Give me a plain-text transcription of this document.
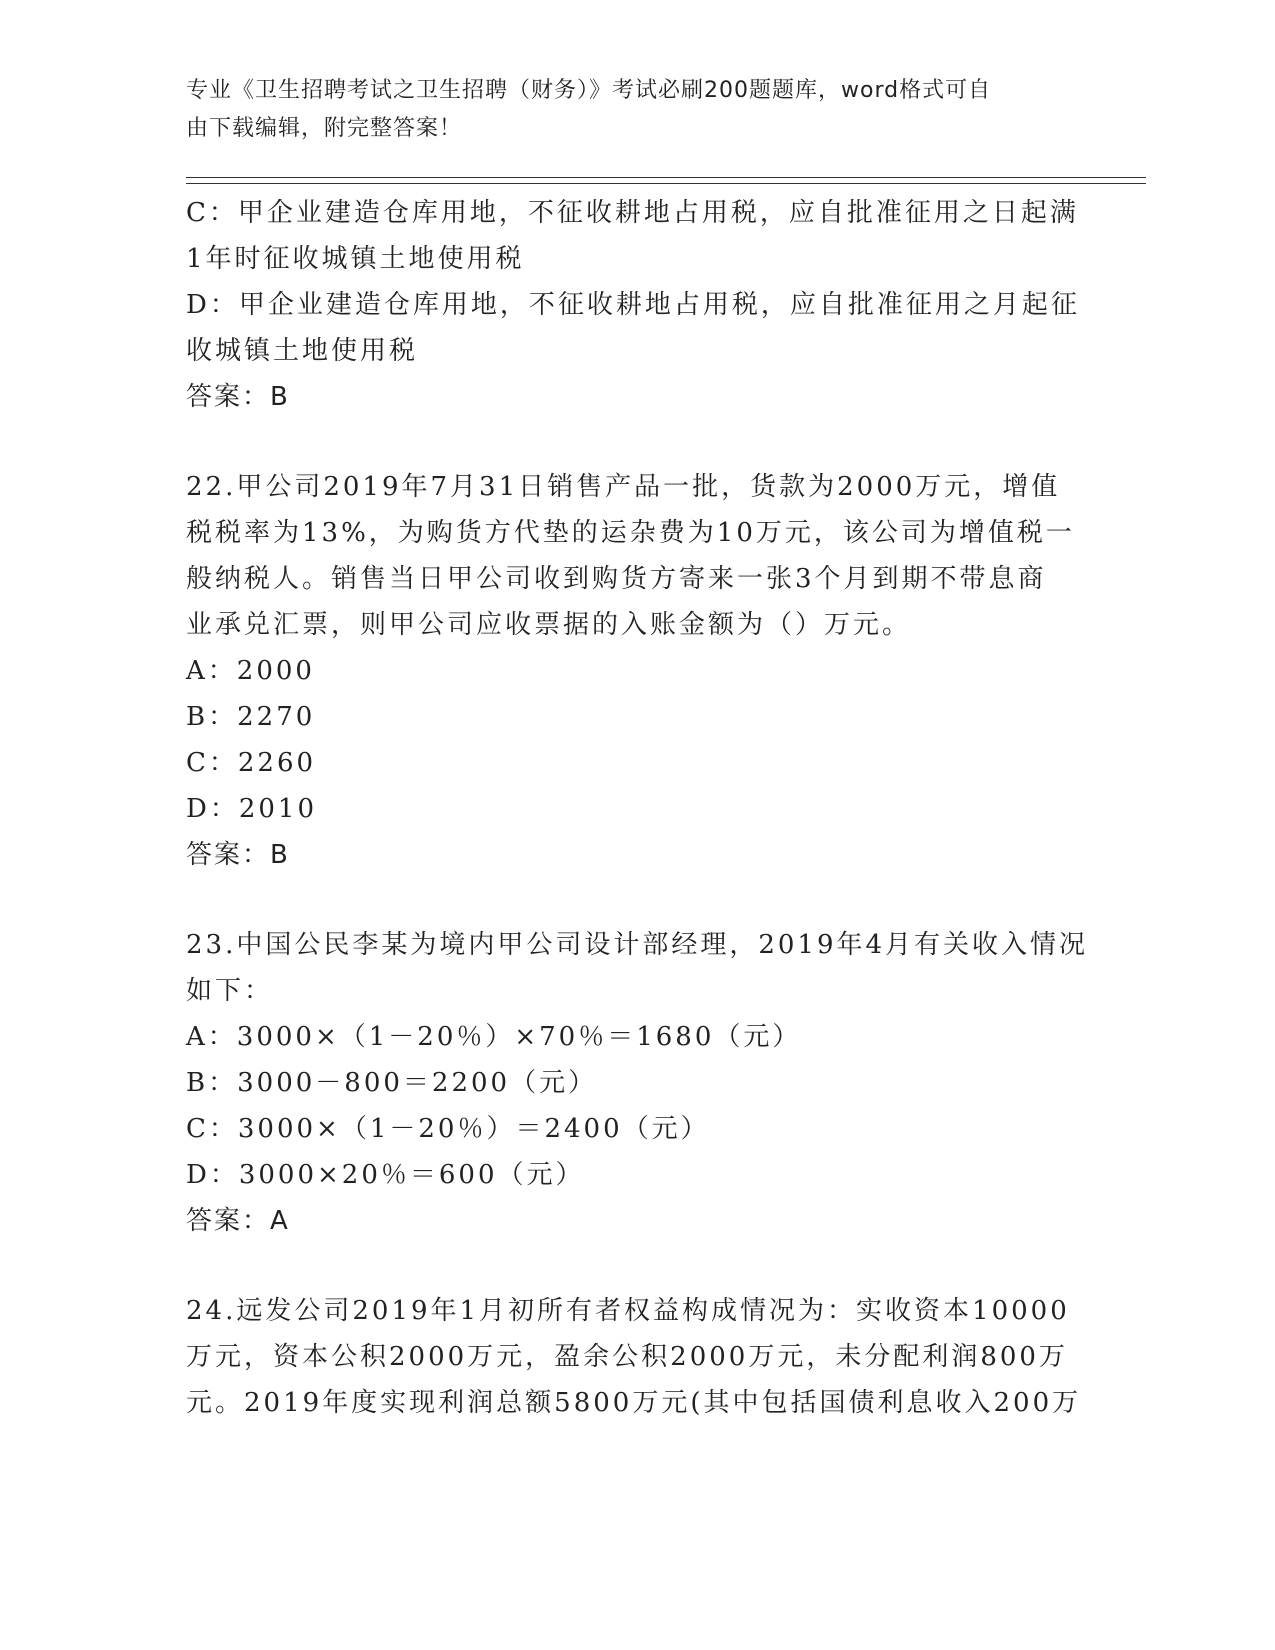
专业《卫生招聘考试之卫生招聘（财务）》考试必刷200题题库，word格式可自
由下载编辑，附完整答案！
C：甲企业建造仓库用地，不征收耕地占用税，应自批准征用之日起满
1年时征收城镇土地使用税
D：甲企业建造仓库用地，不征收耕地占用税，应自批准征用之月起征
收城镇土地使用税
答案：B
22.甲公司2019年7月31日销售产品一批，货款为2000万元，增值
税税率为13%，为购货方代垫的运杂费为10万元，该公司为增值税一
般纳税人。销售当日甲公司收到购货方寄来一张3个月到期不带息商
业承兑汇票，则甲公司应收票据的入账金额为（）万元。
A：2000
B：2270
C：2260
D：2010
答案：B
23.中国公民李某为境内甲公司设计部经理，2019年4月有关收入情况
如下：
A：3000×（1－20％）×70％＝1680（元）
B：3000－800＝2200（元）
C：3000×（1－20％）＝2400（元）
D：3000×20％＝600（元）
答案：A
24.远发公司2019年1月初所有者权益构成情况为：实收资本10000
万元，资本公积2000万元，盈余公积2000万元，未分配利润800万
元。2019年度实现利润总额5800万元(其中包括国债利息收入200万
